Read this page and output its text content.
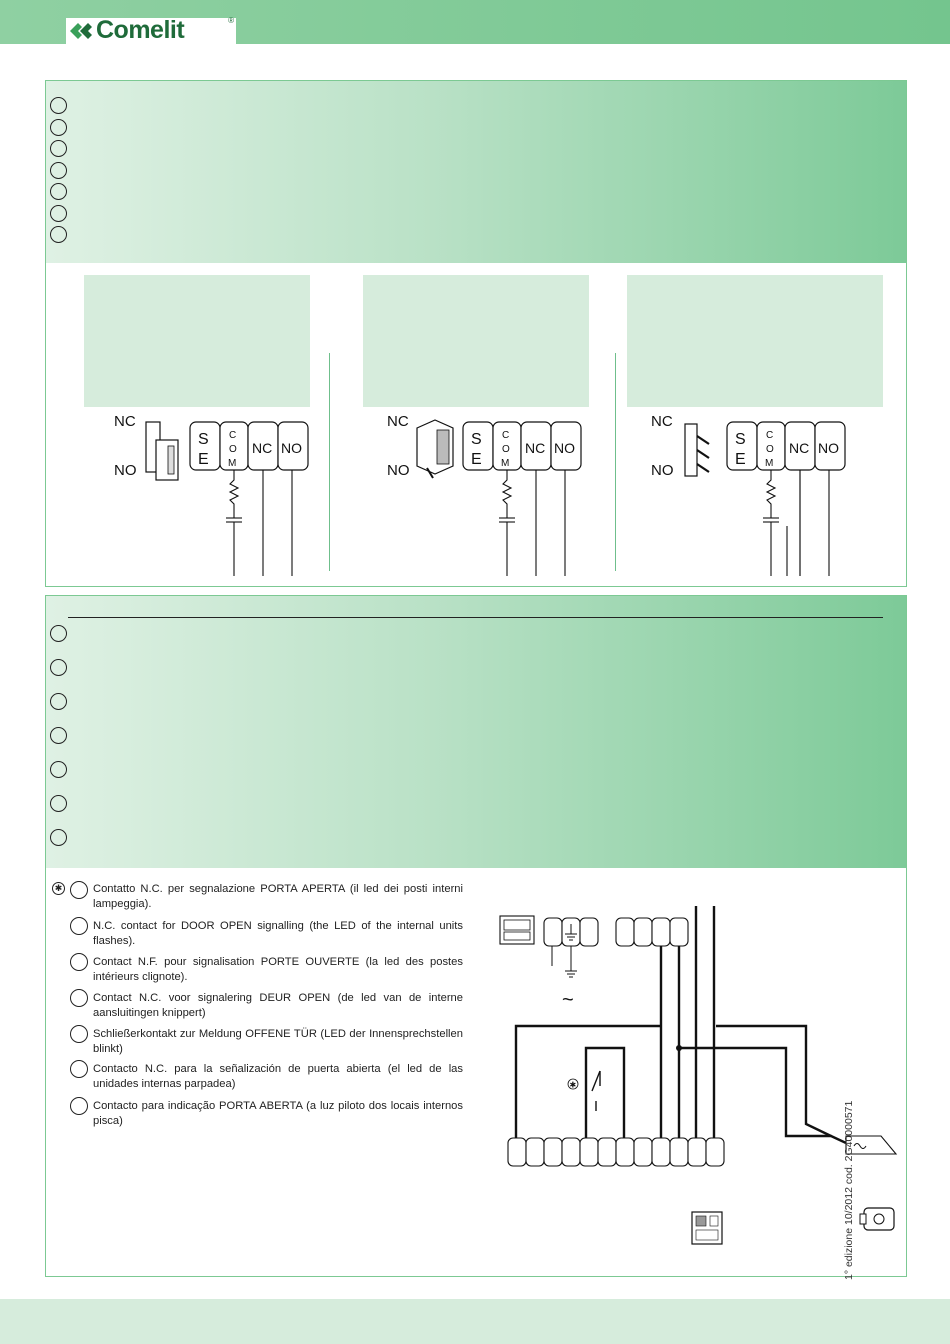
Comelit	®
NC
NO
S
E
C
O
M
NC NO
NC
NO
S
E
C
O
M
NC NO
NC
NO
S
E
C
O
M
NC NO
✱	Contatto N.C. per segnalazione PORTA APERTA (il led dei posti interni lampeggia).
N.C. contact for DOOR OPEN signalling (the LED of the internal units flashes).
Contact N.F. pour signalisation PORTE OUVERTE (la led des postes intérieurs clignote).
Contact N.C. voor signalering DEUR OPEN (de led van de interne aansluitingen knippert)
Schließerkontakt zur Meldung OFFENE TÜR (LED der Innensprechstellen blinkt)
Contacto N.C. para la señalización de puerta abierta (el led de las unidades internas parpadea)
Contacto para indicação PORTA ABERTA (a luz piloto dos locais internos pisca)
~
✱
1° edizione 10/2012 cod. 2G40000571
